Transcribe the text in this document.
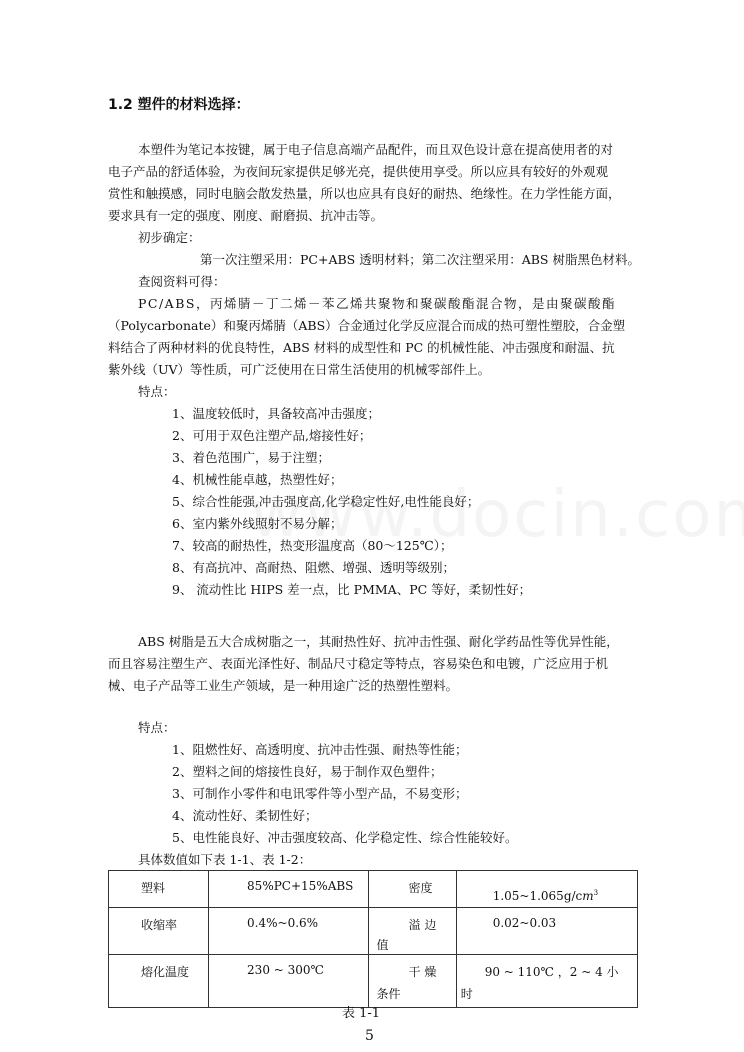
1.2 塑件的材料选择：
本塑件为笔记本按键，属于电子信息高端产品配件，而且双色设计意在提高使用者的对
电子产品的舒适体验，为夜间玩家提供足够光亮，提供使用享受。所以应具有较好的外观观
赏性和触摸感，同时电脑会散发热量，所以也应具有良好的耐热、绝缘性。在力学性能方面，
要求具有一定的强度、刚度、耐磨损、抗冲击等。
初步确定：
第一次注塑采用：PC+ABS 透明材料；第二次注塑采用：ABS 树脂黑色材料。
查阅资料可得：
PC/ABS，丙烯腈－丁二烯－苯乙烯共聚物和聚碳酸酯混合物，是由聚碳酸酯
（Polycarbonate）和聚丙烯腈（ABS）合金通过化学反应混合而成的热可塑性塑胶，合金塑
料结合了两种材料的优良特性，ABS 材料的成型性和 PC 的机械性能、冲击强度和耐温、抗
紫外线（UV）等性质，可广泛使用在日常生活使用的机械零部件上。
特点：
1、温度较低时，具备较高冲击强度；
2、可用于双色注塑产品,熔接性好；
3、着色范围广，易于注塑；
4、机械性能卓越，热塑性好；
5、综合性能强,冲击强度高,化学稳定性好,电性能良好；
6、室内紫外线照射不易分解；
7、较高的耐热性，热变形温度高（80～125℃）；
8、有高抗冲、高耐热、阻燃、增强、透明等级别；
9、 流动性比 HIPS 差一点，比 PMMA、PC 等好，柔韧性好；
ABS 树脂是五大合成树脂之一，其耐热性好、抗冲击性强、耐化学药品性等优异性能，
而且容易注塑生产、表面光泽性好、制品尺寸稳定等特点，容易染色和电镀，广泛应用于机
械、电子产品等工业生产领域，是一种用途广泛的热塑性塑料。
特点：
1、阻燃性好、高透明度、抗冲击性强、耐热等性能；
2、塑料之间的熔接性良好，易于制作双色塑件；
3、可制作小零件和电讯零件等小型产品，不易变形；
4、流动性好、柔韧性好；
5、电性能良好、冲击强度较高、化学稳定性、综合性能较好。
具体数值如下表 1-1、表 1-2：
塑料	85%PC+15%ABS	密度	$1.05\sim 1.065g/cm^3$

收缩率	0.4%~0.6%	溢 边
值	0.02~0.03

熔化温度	230 ~ 300℃	干 燥
条件	90 ~ 110℃ ，2 ~ 4 小
时
表 1-1
5
